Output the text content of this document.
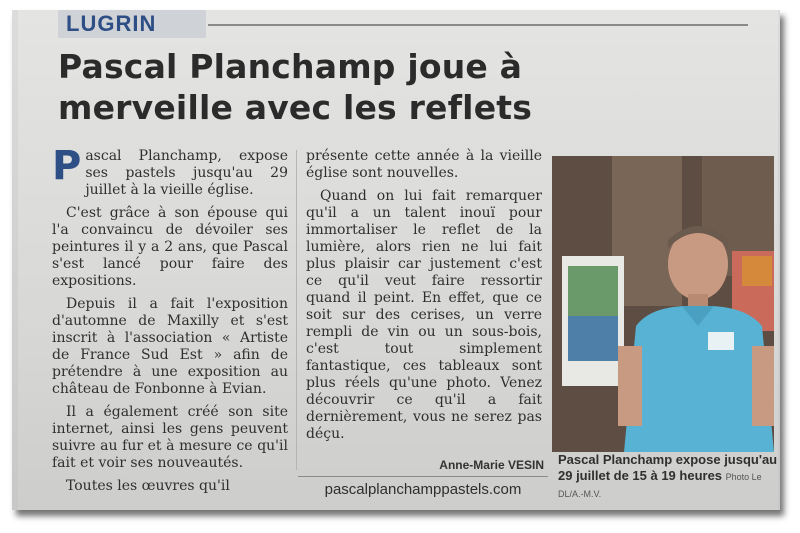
LUGRIN
Pascal Planchamp joue à merveille avec les reflets

Pascal Planchamp, expose ses pastels jusqu'au 29 juillet à la vieille église.

C'est grâce à son épouse qui l'a convaincu de dévoiler ses peintures il y a 2 ans, que Pascal s'est lancé pour faire des expositions.

Depuis il a fait l'exposition d'automne de Maxilly et s'est inscrit à l'association « Artiste de France Sud Est » afin de prétendre à une exposition au château de Fonbonne à Evian.

Il a également créé son site internet, ainsi les gens peuvent suivre au fur et à mesure ce qu'il fait et voir ses nouveautés.

Toutes les œuvres qu'il

présente cette année à la vieille église sont nouvelles.

Quand on lui fait remarquer qu'il a un talent inouï pour immortaliser le reflet de la lumière, alors rien ne lui fait plus plaisir car justement c'est ce qu'il veut faire ressortir quand il peint. En effet, que ce soit sur des cerises, un verre rempli de vin ou un sous-bois, c'est tout simplement fantastique, ces tableaux sont plus réels qu'une photo. Venez découvrir ce qu'il a fait dernièrement, vous ne serez pas déçu.

Anne-Marie VESIN
pascalplanchamppastels.com
Pascal Planchamp expose jusqu'au 29 juillet de 15 à 19 heures Photo Le DL/A.-M.V.
